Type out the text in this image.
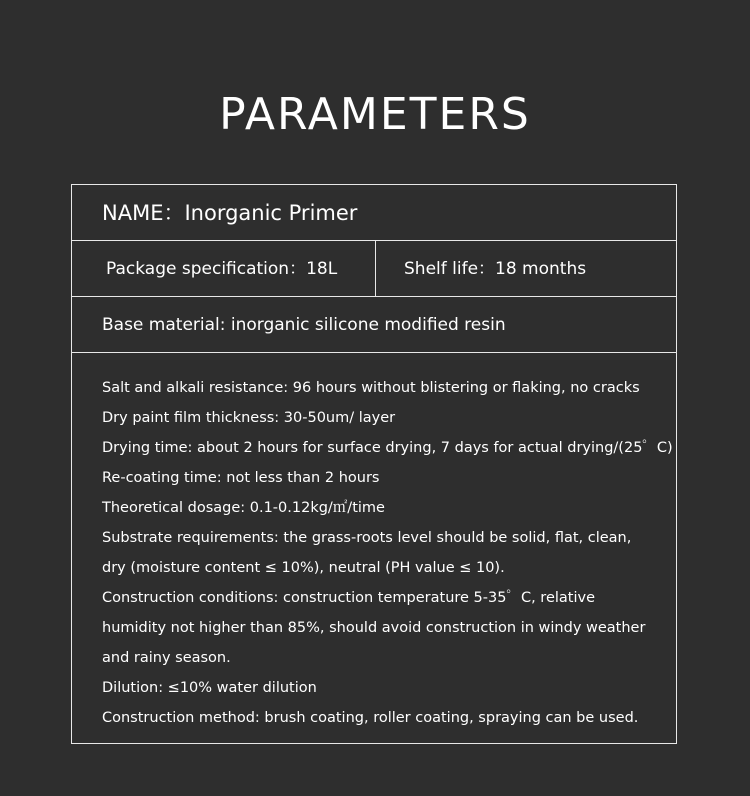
PARAMETERS
NAME：Inorganic Primer
Package specification：18L	Shelf life：18 months
Base material: inorganic silicone modified resin
Salt and alkali resistance: 96 hours without blistering or flaking, no cracks
Dry paint film thickness: 30-50um/ layer
Drying time: about 2 hours for surface drying, 7 days for actual drying/(25゜C)
Re-coating time: not less than 2 hours
Theoretical dosage: 0.1-0.12kg/㎡/time
Substrate requirements: the grass-roots level should be solid, flat, clean,
dry (moisture content ≤ 10%), neutral (PH value ≤ 10).
Construction conditions: construction temperature 5-35゜C, relative
humidity not higher than 85%, should avoid construction in windy weather
and rainy season.
Dilution: ≤10% water dilution
Construction method: brush coating, roller coating, spraying can be used.
